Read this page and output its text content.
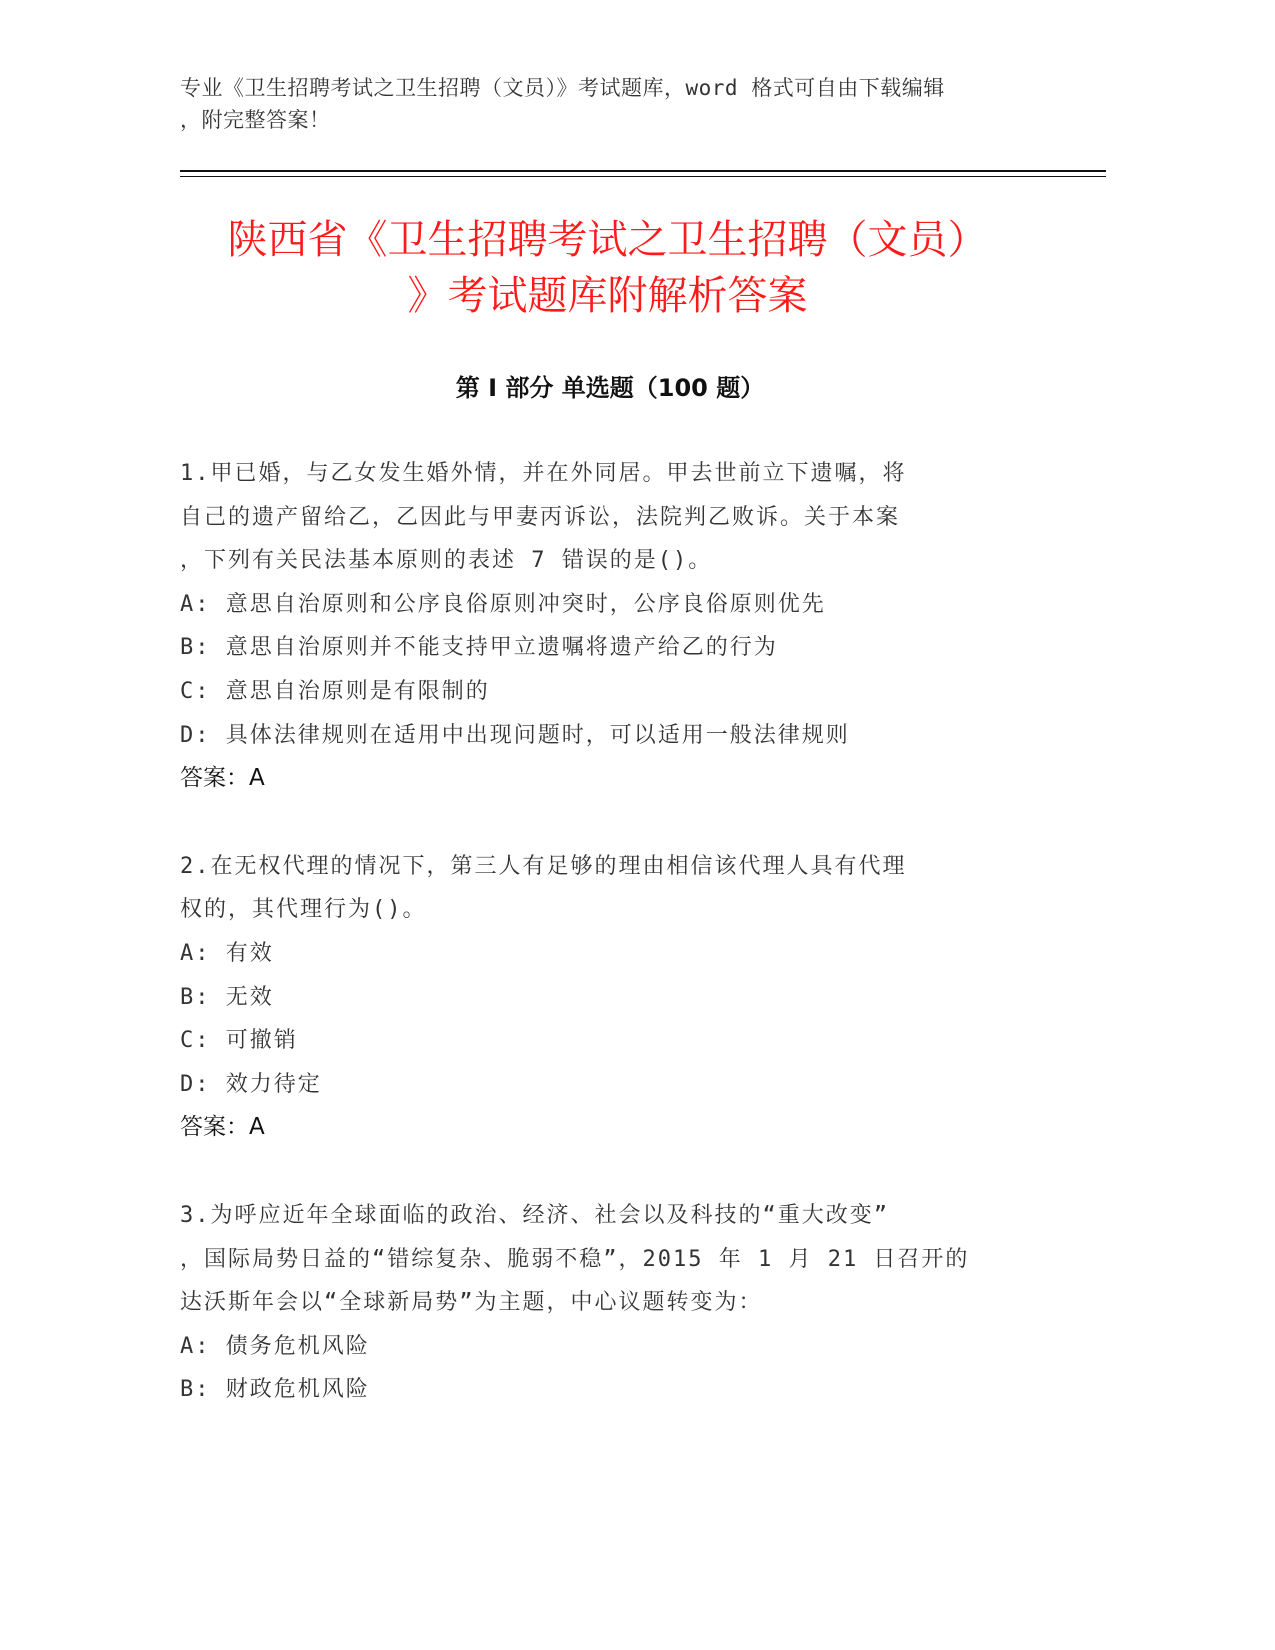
专业《卫生招聘考试之卫生招聘（文员）》考试题库，word 格式可自由下载编辑
，附完整答案！
陕西省《卫生招聘考试之卫生招聘（文员）
》考试题库附解析答案
第 I 部分 单选题（100 题）
1.甲已婚，与乙女发生婚外情，并在外同居。甲去世前立下遗嘱，将
自己的遗产留给乙，乙因此与甲妻丙诉讼，法院判乙败诉。关于本案
，下列有关民法基本原则的表述 7 错误的是()。
A: 意思自治原则和公序良俗原则冲突时，公序良俗原则优先
B: 意思自治原则并不能支持甲立遗嘱将遗产给乙的行为
C: 意思自治原则是有限制的
D: 具体法律规则在适用中出现问题时，可以适用一般法律规则
答案：A
2.在无权代理的情况下，第三人有足够的理由相信该代理人具有代理
权的，其代理行为()。
A: 有效
B: 无效
C: 可撤销
D: 效力待定
答案：A
3.为呼应近年全球面临的政治、经济、社会以及科技的“重大改变”
，国际局势日益的“错综复杂、脆弱不稳”，2015 年 1 月 21 日召开的
达沃斯年会以“全球新局势”为主题，中心议题转变为：
A: 债务危机风险
B: 财政危机风险
